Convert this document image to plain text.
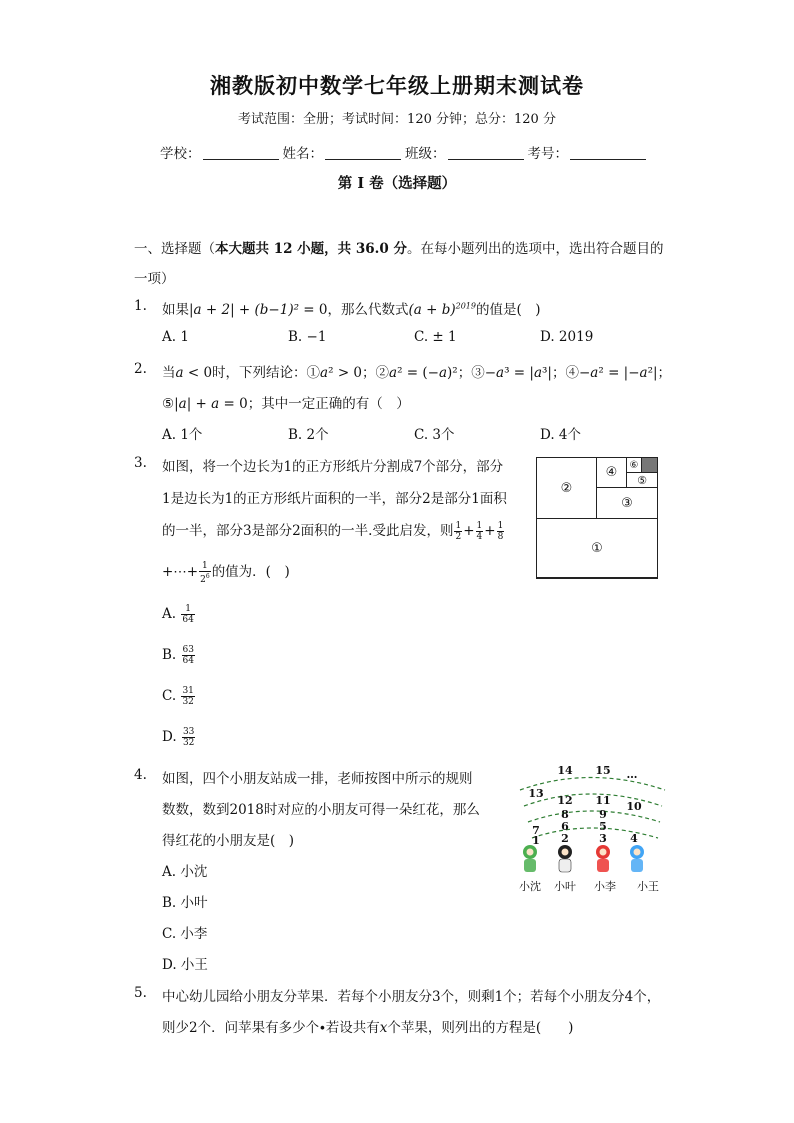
湘教版初中数学七年级上册期末测试卷
考试范围：全册；考试时间：120 分钟；总分：120 分
学校：	姓名：	班级：	考号：
第 I 卷（选择题）
一、选择题（本大题共 12 小题，共 36.0 分。在每小题列出的选项中，选出符合题目的
一项）
1. 如果|a + 2| + (b−1)² = 0，那么代数式$(a + b)^{2019}$的值是(　)
A. 1	B. −1	C. ± 1	D. 2019
2. 当a < 0时，下列结论：①a² > 0；②a² = (−a)²；③−a³ = |a³|；④−a² = |−a²|；
⑤|a| + a = 0；其中一定正确的有（　）
A. 1个	B. 2个	C. 3个	D. 4个
3. 如图，将一个边长为1的正方形纸片分割成7个部分，部分
1是边长为1的正方形纸片面积的一半，部分2是部分1面积
的一半，部分3是部分2面积的一半.受此启发，则 $\frac{1}{2} + \frac{1}{4} + \frac{1}{8}$
+⋯+ $\frac{1}{2^6}$ 的值为．(　)
①
②
③
④	⑤
⑥
A. $\frac{1}{64}$
B. $\frac{63}{64}$
C. $\frac{31}{32}$
D. $\frac{33}{32}$
4. 如图，四个小朋友站成一排，老师按图中所示的规则
数数，数到2018时对应的小朋友可得一朵红花，那么
得红花的小朋友是(　)
A. 小沈
B. 小叶
C. 小李
D. 小王
7
1
8
6
2
9
5
3 4
10
11
12
13
14 15 …
小沈 小叶 小李 小王
5. 中心幼儿园给小朋友分苹果．若每个小朋友分3个，则剩1个；若每个小朋友分4个，
则少2个．问苹果有多少个∙若设共有x个苹果，则列出的方程是(　　)
